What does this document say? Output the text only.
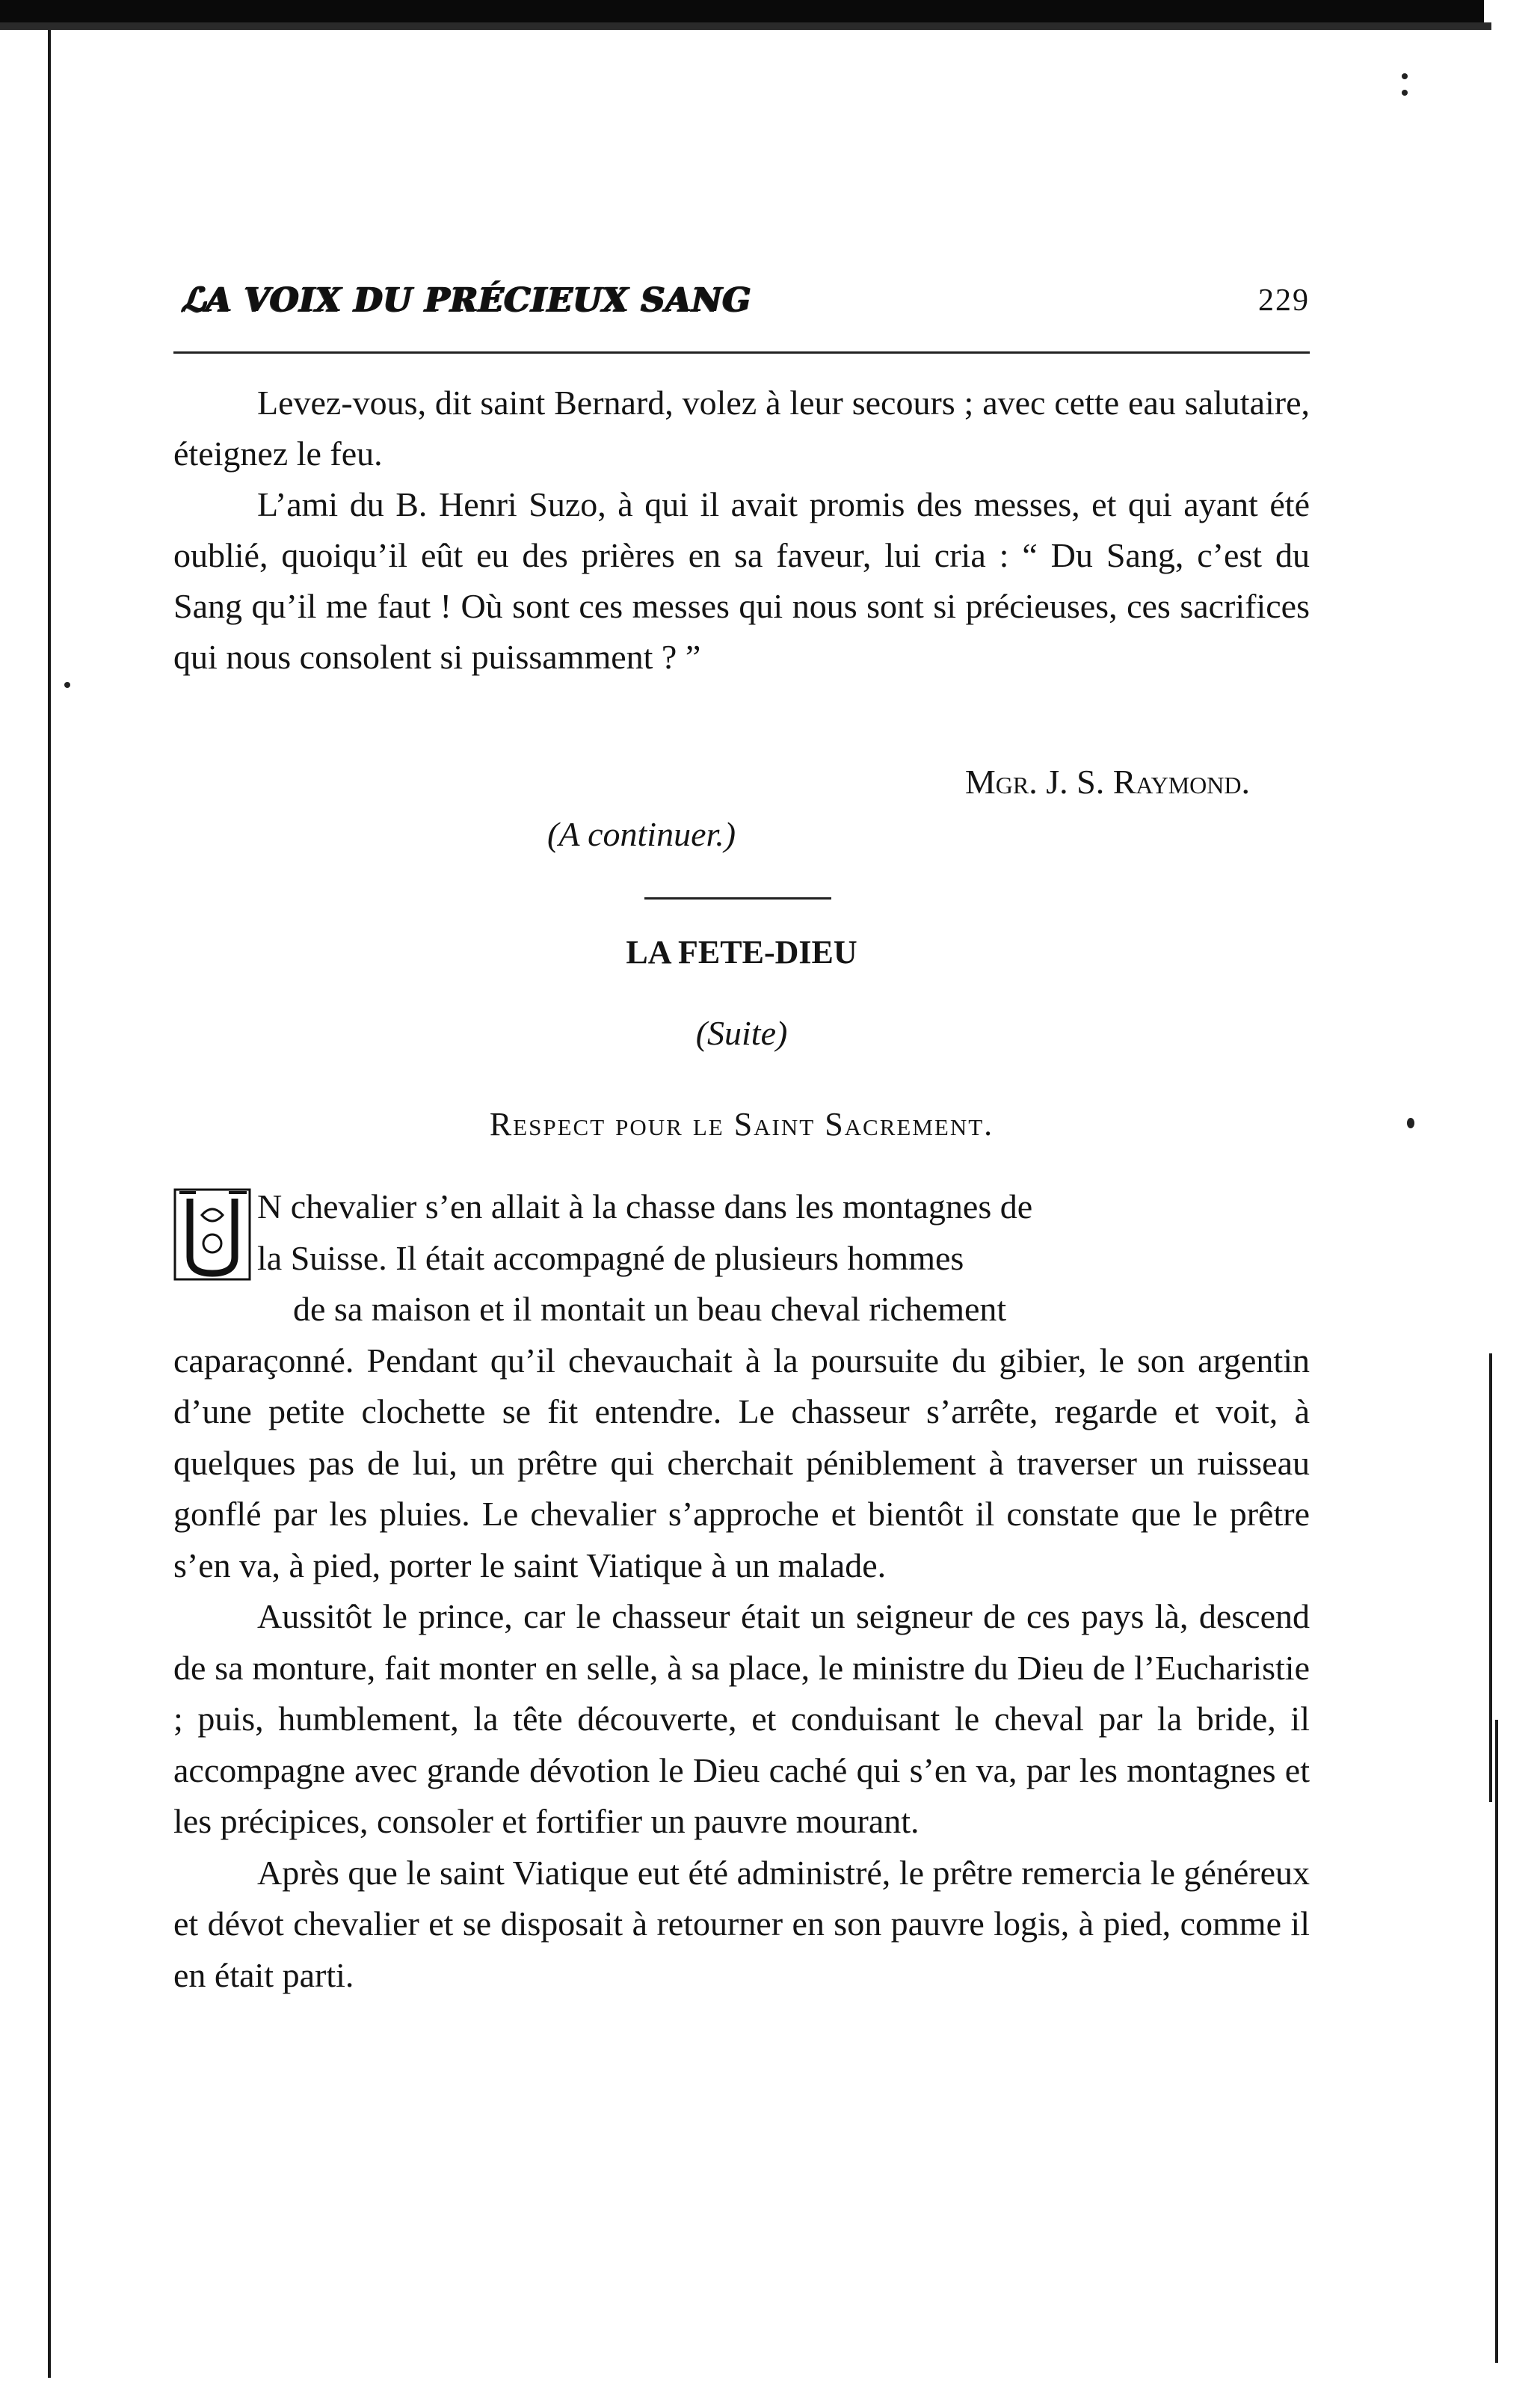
ℒA VOIX DU PRÉCIEUX SANG	229

Levez-vous, dit saint Bernard, volez à leur secours ; avec cette eau salutaire, éteignez le feu.

L’ami du B. Henri Suzo, à qui il avait promis des messes, et qui ayant été oublié, quoiqu’il eût eu des prières en sa faveur, lui cria : “ Du Sang, c’est du Sang qu’il me faut ! Où sont ces messes qui nous sont si précieuses, ces sacrifices qui nous consolent si puissamment ? ”

Mgr. J. S. Raymond.
(A continuer.)
LA FETE-DIEU
(Suite)
Respect pour le Saint Sacrement.

N chevalier s’en allait à la chasse dans les montagnes de
la Suisse. Il était accompagné de plusieurs hommes
de sa maison et il montait un beau cheval richement
caparaçonné. Pendant qu’il chevauchait à la poursuite du gibier, le son argentin d’une petite clochette se fit entendre. Le chasseur s’arrête, regarde et voit, à quelques pas de lui, un prêtre qui cherchait péniblement à traverser un ruisseau gonflé par les pluies. Le chevalier s’approche et bientôt il constate que le prêtre s’en va, à pied, porter le saint Viatique à un malade.

Aussitôt le prince, car le chasseur était un seigneur de ces pays là, descend de sa monture, fait monter en selle, à sa place, le ministre du Dieu de l’Eucharistie ; puis, humblement, la tête découverte, et conduisant le cheval par la bride, il accompagne avec grande dévotion le Dieu caché qui s’en va, par les montagnes et les précipices, consoler et fortifier un pauvre mourant.

Après que le saint Viatique eut été administré, le prêtre remercia le généreux et dévot chevalier et se disposait à retourner en son pauvre logis, à pied, comme il en était parti.
